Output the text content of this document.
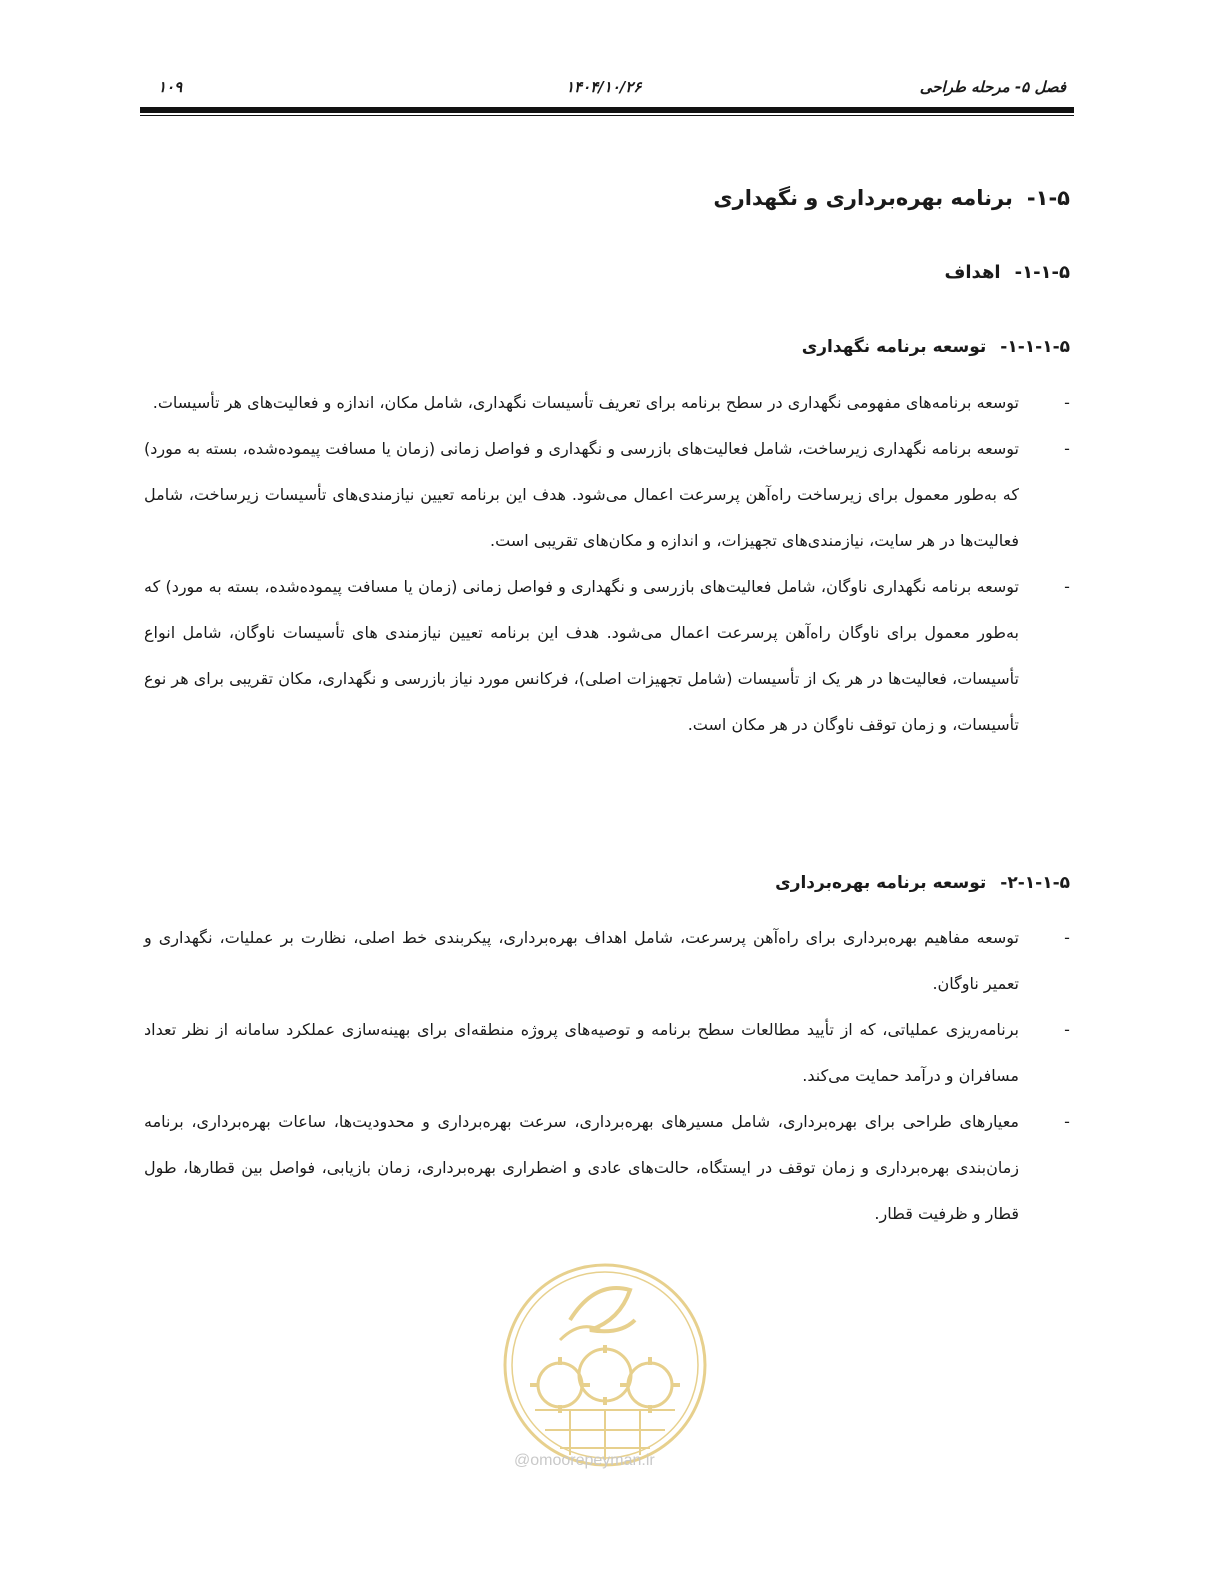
فصل ۵- مرحله طراحی
۱۴۰۴/۱۰/۲۶
۱۰۹
۱-۵-برنامه بهره‌برداری و نگهداری
۱-۱-۵-اهداف
۱-۱-۱-۵-توسعه برنامه نگهداری
-
توسعه برنامه‌های مفهومی نگهداری در سطح برنامه برای تعریف تأسیسات نگهداری، شامل مکان، اندازه و فعالیت‌های هر تأسیسات.
-
توسعه برنامه نگهداری زیرساخت، شامل فعالیت‌های بازرسی و نگهداری و فواصل زمانی (زمان یا مسافت پیموده‌شده، بسته به مورد) که به‌طور معمول برای زیرساخت راه‌آهن پرسرعت اعمال می‌شود. هدف این برنامه تعیین نیازمندی‌های تأسیسات زیرساخت، شامل فعالیت‌ها در هر سایت، نیازمندی‌های تجهیزات، و اندازه و مکان‌های تقریبی است.
-
توسعه برنامه نگهداری ناوگان، شامل فعالیت‌های بازرسی و نگهداری و فواصل زمانی (زمان یا مسافت پیموده‌شده، بسته به مورد) که به‌طور معمول برای ناوگان راه‌آهن پرسرعت اعمال می‌شود. هدف این برنامه تعیین نیازمندی های تأسیسات ناوگان، شامل انواع تأسیسات، فعالیت‌ها در هر یک از تأسیسات (شامل تجهیزات اصلی)، فرکانس مورد نیاز بازرسی و نگهداری، مکان تقریبی برای هر نوع تأسیسات، و زمان توقف ناوگان در هر مکان است.
۲-۱-۱-۵-توسعه برنامه بهره‌برداری
-
توسعه مفاهیم بهره‌برداری برای راه‌آهن پرسرعت، شامل اهداف بهره‌برداری، پیکربندی خط اصلی، نظارت بر عملیات، نگهداری و تعمیر ناوگان.
-
برنامه‌ریزی عملیاتی، که از تأیید مطالعات سطح برنامه و توصیه‌های پروژه منطقه‌ای برای بهینه‌سازی عملکرد سامانه از نظر تعداد مسافران و درآمد حمایت می‌کند.
-
معیارهای طراحی برای بهره‌برداری، شامل مسیرهای بهره‌برداری، سرعت بهره‌برداری و محدودیت‌ها، ساعات بهره‌برداری، برنامه زمان‌بندی بهره‌برداری و زمان توقف در ایستگاه، حالت‌های عادی و اضطراری بهره‌برداری، زمان بازیابی، فواصل بین قطارها، طول قطار و ظرفیت قطار.
@omoorepeyman.ir
